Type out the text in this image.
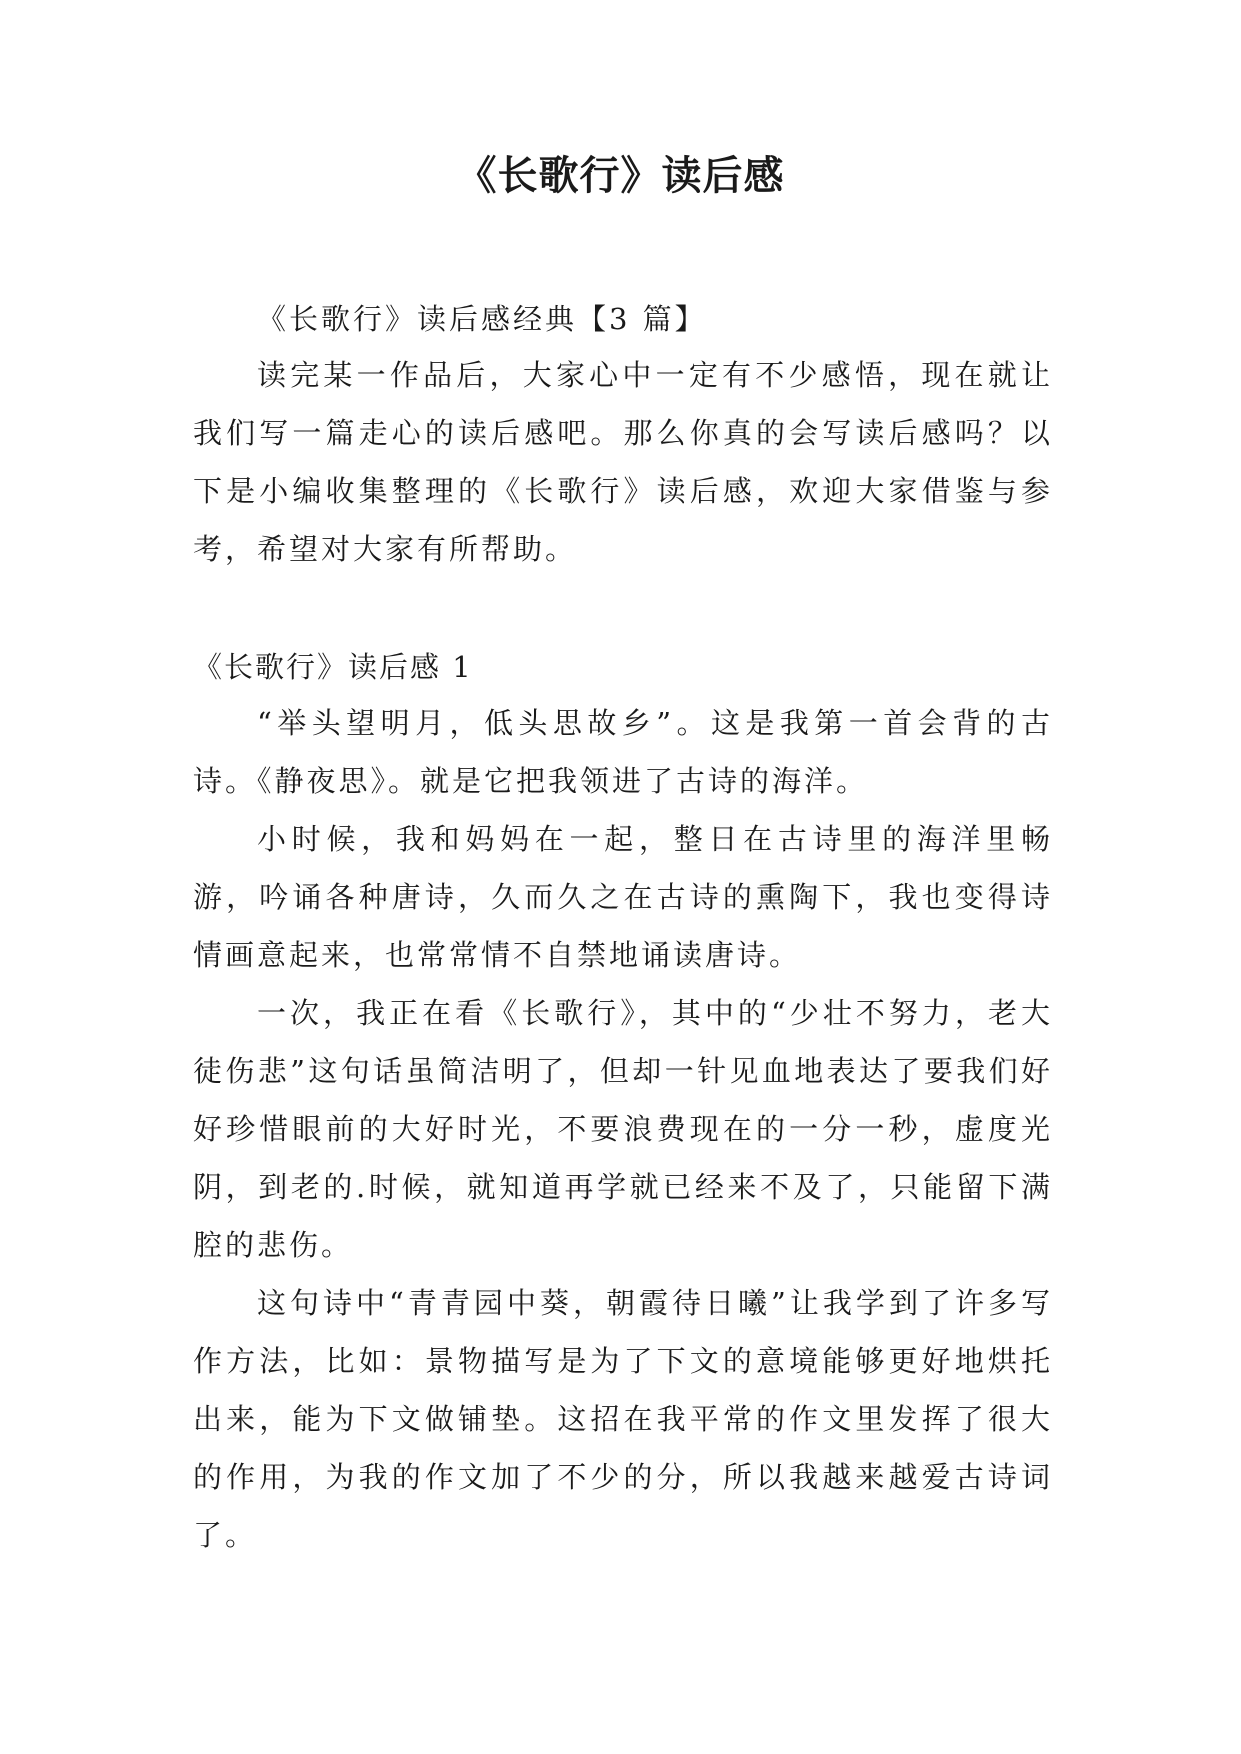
《长歌行》读后感

《长歌行》读后感经典【3 篇】

读完某一作品后，大家心中一定有不少感悟，现在就让我们写一篇走心的读后感吧。那么你真的会写读后感吗？以下是小编收集整理的《长歌行》读后感，欢迎大家借鉴与参考，希望对大家有所帮助。

《长歌行》读后感 1

“举头望明月，低头思故乡”。这是我第一首会背的古诗。《静夜思》。就是它把我领进了古诗的海洋。

小时候，我和妈妈在一起，整日在古诗里的海洋里畅游，吟诵各种唐诗，久而久之在古诗的熏陶下，我也变得诗情画意起来，也常常情不自禁地诵读唐诗。

一次，我正在看《长歌行》，其中的“少壮不努力，老大徒伤悲”这句话虽简洁明了，但却一针见血地表达了要我们好好珍惜眼前的大好时光，不要浪费现在的一分一秒，虚度光阴，到老的.时候，就知道再学就已经来不及了，只能留下满腔的悲伤。

这句诗中“青青园中葵，朝霞待日曦”让我学到了许多写作方法，比如：景物描写是为了下文的意境能够更好地烘托出来，能为下文做铺垫。这招在我平常的作文里发挥了很大的作用，为我的作文加了不少的分，所以我越来越爱古诗词了。
